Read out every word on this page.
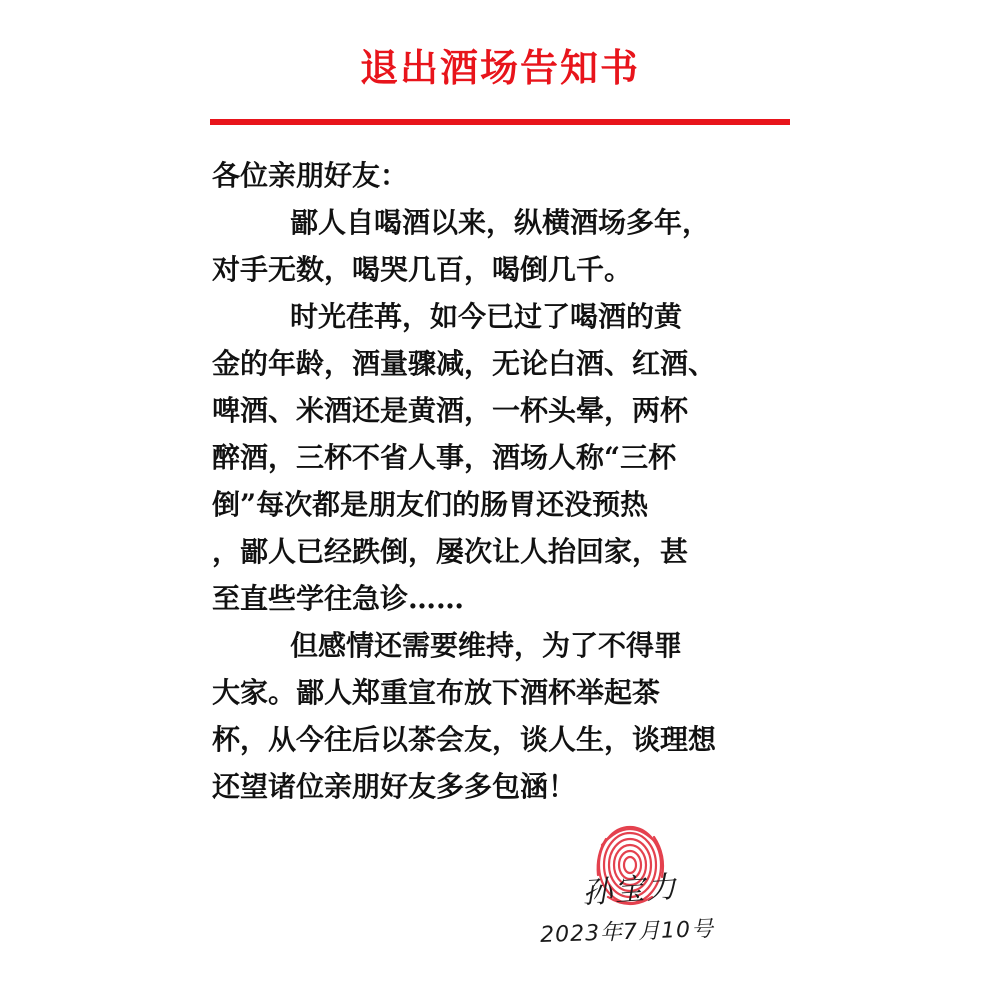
退出酒场告知书
各位亲朋好友：
鄙人自喝酒以来，纵横酒场多年，
对手无数，喝哭几百，喝倒几千。
时光荏苒，如今已过了喝酒的黄
金的年龄，酒量骤减，无论白酒、红酒、
啤酒、米酒还是黄酒，一杯头晕，两杯
醉酒，三杯不省人事，酒场人称“三杯
倒”每次都是朋友们的肠胃还没预热
，鄙人已经跌倒，屡次让人抬回家，甚
至直些学往急诊……
但感情还需要维持，为了不得罪
大家。鄙人郑重宣布放下酒杯举起茶
杯，从今往后以茶会友，谈人生，谈理想
还望诸位亲朋好友多多包涵！
孙宝力
2023年7月10号
